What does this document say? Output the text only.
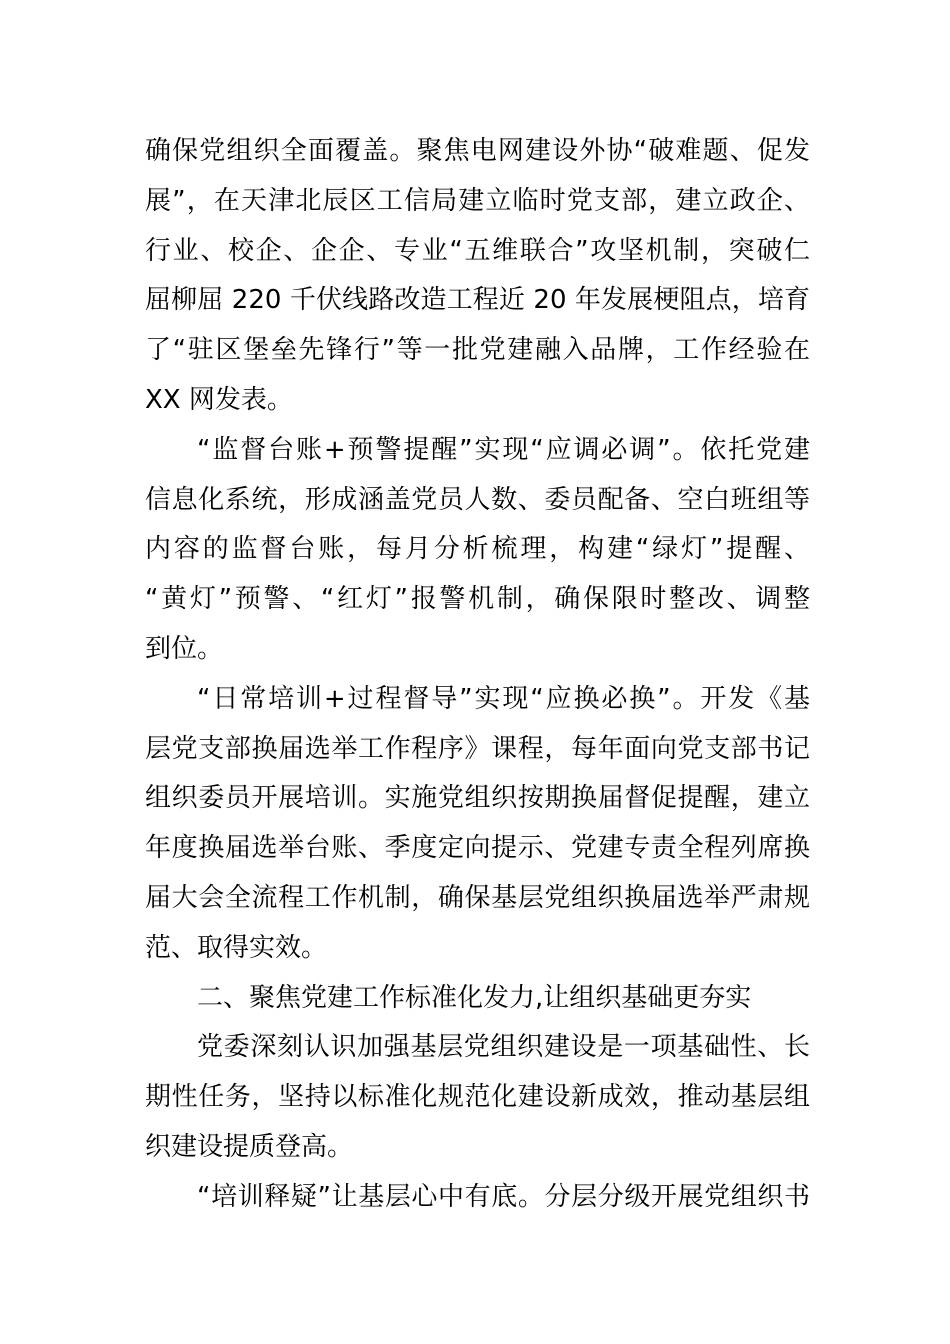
确保党组织全面覆盖。聚焦电网建设外协“破难题、促发
展”，在天津北辰区工信局建立临时党支部，建立政企、
行业、校企、企企、专业“五维联合”攻坚机制，突破仁
屈柳屈 220 千伏线路改造工程近 20 年发展梗阻点，培育
了“驻区堡垒先锋行”等一批党建融入品牌，工作经验在
XX 网发表。
“监督台账+预警提醒”实现“应调必调”。依托党建
信息化系统，形成涵盖党员人数、委员配备、空白班组等
内容的监督台账，每月分析梳理，构建“绿灯”提醒、
“黄灯”预警、“红灯”报警机制，确保限时整改、调整
到位。
“日常培训+过程督导”实现“应换必换”。开发《基
层党支部换届选举工作程序》课程，每年面向党支部书记
组织委员开展培训。实施党组织按期换届督促提醒，建立
年度换届选举台账、季度定向提示、党建专责全程列席换
届大会全流程工作机制，确保基层党组织换届选举严肃规
范、取得实效。
二、聚焦党建工作标准化发力,让组织基础更夯实
党委深刻认识加强基层党组织建设是一项基础性、长
期性任务，坚持以标准化规范化建设新成效，推动基层组
织建设提质登高。
“培训释疑”让基层心中有底。分层分级开展党组织书
